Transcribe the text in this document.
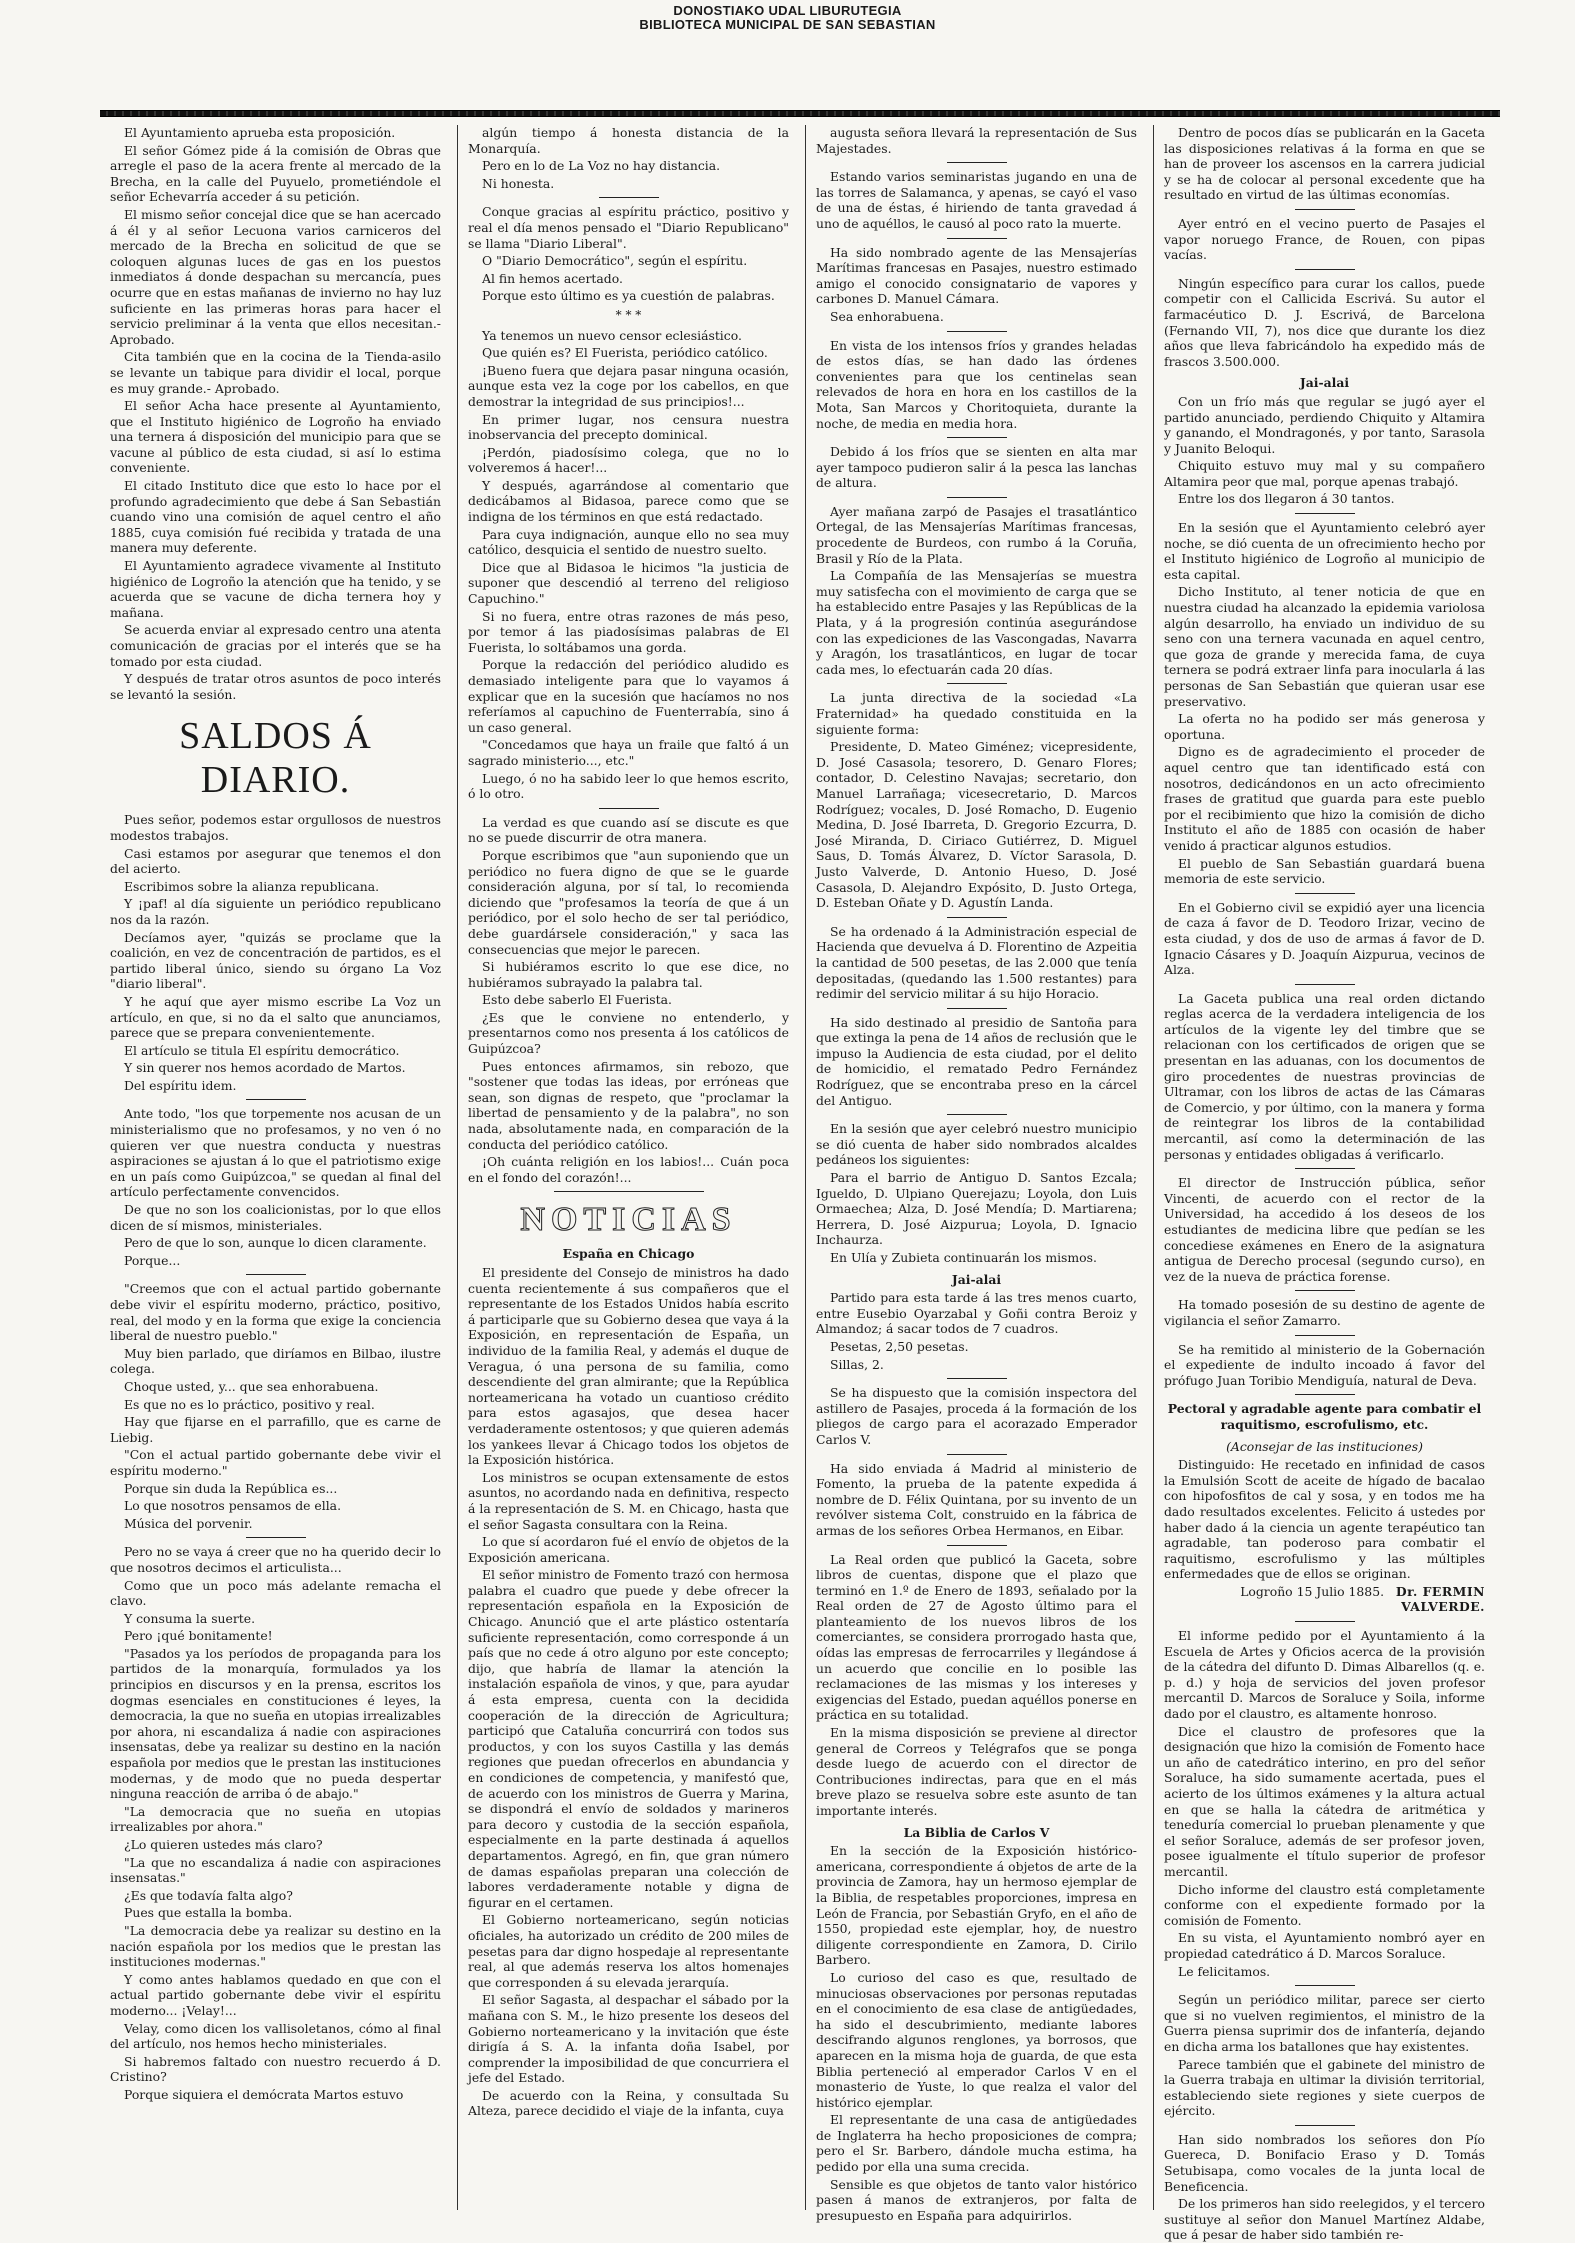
DONOSTIAKO UDAL LIBURUTEGIA
BIBLIOTECA MUNICIPAL DE SAN SEBASTIAN

El Ayuntamiento aprueba esta proposición.

El señor Gómez pide á la comisión de Obras que arregle el paso de la acera frente al mercado de la Brecha, en la calle del Puyuelo, prometiéndole el señor Echevarría acceder á su petición.

El mismo señor concejal dice que se han acercado á él y al señor Lecuona varios carniceros del mercado de la Brecha en solicitud de que se coloquen algunas luces de gas en los puestos inmediatos á donde despachan su mercancía, pues ocurre que en estas mañanas de invierno no hay luz suficiente en las primeras horas para hacer el servicio preliminar á la venta que ellos necesitan.- Aprobado.

Cita también que en la cocina de la Tienda-asilo se levante un tabique para dividir el local, porque es muy grande.- Aprobado.

El señor Acha hace presente al Ayuntamiento, que el Instituto higiénico de Logroño ha enviado una ternera á disposición del municipio para que se vacune al público de esta ciudad, si así lo estima conveniente.

El citado Instituto dice que esto lo hace por el profundo agradecimiento que debe á San Sebastián cuando vino una comisión de aquel centro el año 1885, cuya comisión fué recibida y tratada de una manera muy deferente.

El Ayuntamiento agradece vivamente al Instituto higiénico de Logroño la atención que ha tenido, y se acuerda que se vacune de dicha ternera hoy y mañana.

Se acuerda enviar al expresado centro una atenta comunicación de gracias por el interés que se ha tomado por esta ciudad.

Y después de tratar otros asuntos de poco interés se levantó la sesión.

SALDOS Á DIARIO.

Pues señor, podemos estar orgullosos de nuestros modestos trabajos.

Casi estamos por asegurar que tenemos el don del acierto.

Escribimos sobre la alianza republicana.

Y ¡paf! al día siguiente un periódico republicano nos da la razón.

Decíamos ayer, "quizás se proclame que la coalición, en vez de concentración de partidos, es el partido liberal único, siendo su órgano La Voz "diario liberal".

Y he aquí que ayer mismo escribe La Voz un artículo, en que, si no da el salto que anunciamos, parece que se prepara convenientemente.

El artículo se titula El espíritu democrático.

Y sin querer nos hemos acordado de Martos.

Del espíritu idem.

Ante todo, "los que torpemente nos acusan de un ministerialismo que no profesamos, y no ven ó no quieren ver que nuestra conducta y nuestras aspiraciones se ajustan á lo que el patriotismo exige en un país como Guipúzcoa," se quedan al final del artículo perfectamente convencidos.

De que no son los coalicionistas, por lo que ellos dicen de sí mismos, ministeriales.

Pero de que lo son, aunque lo dicen claramente.

Porque...

"Creemos que con el actual partido gobernante debe vivir el espíritu moderno, práctico, positivo, real, del modo y en la forma que exige la conciencia liberal de nuestro pueblo."

Muy bien parlado, que diríamos en Bilbao, ilustre colega.

Choque usted, y... que sea enhorabuena.

Es que no es lo práctico, positivo y real.

Hay que fijarse en el parrafillo, que es carne de Liebig.

"Con el actual partido gobernante debe vivir el espíritu moderno."

Porque sin duda la República es...

Lo que nosotros pensamos de ella.

Música del porvenir.

Pero no se vaya á creer que no ha querido decir lo que nosotros decimos el articulista...

Como que un poco más adelante remacha el clavo.

Y consuma la suerte.

Pero ¡qué bonitamente!

"Pasados ya los períodos de propaganda para los partidos de la monarquía, formulados ya los principios en discursos y en la prensa, escritos los dogmas esenciales en constituciones é leyes, la democracia, la que no sueña en utopias irrealizables por ahora, ni escandaliza á nadie con aspiraciones insensatas, debe ya realizar su destino en la nación española por medios que le prestan las instituciones modernas, y de modo que no pueda despertar ninguna reacción de arriba ó de abajo."

"La democracia que no sueña en utopias irrealizables por ahora."

¿Lo quieren ustedes más claro?

"La que no escandaliza á nadie con aspiraciones insensatas."

¿Es que todavía falta algo?

Pues que estalla la bomba.

"La democracia debe ya realizar su destino en la nación española por los medios que le prestan las instituciones modernas."

Y como antes hablamos quedado en que con el actual partido gobernante debe vivir el espíritu moderno... ¡Velay!...

Velay, como dicen los vallisoletanos, cómo al final del artículo, nos hemos hecho ministeriales.

Si habremos faltado con nuestro recuerdo á D. Cristino?

Porque siquiera el demócrata Martos estuvo

algún tiempo á honesta distancia de la Monarquía.

Pero en lo de La Voz no hay distancia.

Ni honesta.

Conque gracias al espíritu práctico, positivo y real el día menos pensado el "Diario Republicano" se llama "Diario Liberal".

O "Diario Democrático", según el espíritu.

Al fin hemos acertado.

Porque esto último es ya cuestión de palabras.

* * *

Ya tenemos un nuevo censor eclesiástico.

Que quién es? El Fuerista, periódico católico.

¡Bueno fuera que dejara pasar ninguna ocasión, aunque esta vez la coge por los cabellos, en que demostrar la integridad de sus principios!...

En primer lugar, nos censura nuestra inobservancia del precepto dominical.

¡Perdón, piadosísimo colega, que no lo volveremos á hacer!...

Y después, agarrándose al comentario que dedicábamos al Bidasoa, parece como que se indigna de los términos en que está redactado.

Para cuya indignación, aunque ello no sea muy católico, desquicia el sentido de nuestro suelto.

Dice que al Bidasoa le hicimos "la justicia de suponer que descendió al terreno del religioso Capuchino."

Si no fuera, entre otras razones de más peso, por temor á las piadosísimas palabras de El Fuerista, lo soltábamos una gorda.

Porque la redacción del periódico aludido es demasiado inteligente para que lo vayamos á explicar que en la sucesión que hacíamos no nos referíamos al capuchino de Fuenterrabía, sino á un caso general.

"Concedamos que haya un fraile que faltó á un sagrado ministerio..., etc."

Luego, ó no ha sabido leer lo que hemos escrito, ó lo otro.

La verdad es que cuando así se discute es que no se puede discurrir de otra manera.

Porque escribimos que "aun suponiendo que un periódico no fuera digno de que se le guarde consideración alguna, por sí tal, lo recomienda diciendo que "profesamos la teoría de que á un periódico, por el solo hecho de ser tal periódico, debe guardársele consideración," y saca las consecuencias que mejor le parecen.

Si hubiéramos escrito lo que ese dice, no hubiéramos subrayado la palabra tal.

Esto debe saberlo El Fuerista.

¿Es que le conviene no entenderlo, y presentarnos como nos presenta á los católicos de Guipúzcoa?

Pues entonces afirmamos, sin rebozo, que "sostener que todas las ideas, por erróneas que sean, son dignas de respeto, que "proclamar la libertad de pensamiento y de la palabra", no son nada, absolutamente nada, en comparación de la conducta del periódico católico.

¡Oh cuánta religión en los labios!... Cuán poca en el fondo del corazón!...

NOTICIAS
España en Chicago

El presidente del Consejo de ministros ha dado cuenta recientemente á sus compañeros que el representante de los Estados Unidos había escrito á participarle que su Gobierno desea que vaya á la Exposición, en representación de España, un individuo de la familia Real, y además el duque de Veragua, ó una persona de su familia, como descendiente del gran almirante; que la República norteamericana ha votado un cuantioso crédito para estos agasajos, que desea hacer verdaderamente ostentosos; y que quieren además los yankees llevar á Chicago todos los objetos de la Exposición histórica.

Los ministros se ocupan extensamente de estos asuntos, no acordando nada en definitiva, respecto á la representación de S. M. en Chicago, hasta que el señor Sagasta consultara con la Reina.

Lo que sí acordaron fué el envío de objetos de la Exposición americana.

El señor ministro de Fomento trazó con hermosa palabra el cuadro que puede y debe ofrecer la representación española en la Exposición de Chicago. Anunció que el arte plástico ostentaría suficiente representación, como corresponde á un país que no cede á otro alguno por este concepto; dijo, que habría de llamar la atención la instalación española de vinos, y que, para ayudar á esta empresa, cuenta con la decidida cooperación de la dirección de Agricultura; participó que Cataluña concurrirá con todos sus productos, y con los suyos Castilla y las demás regiones que puedan ofrecerlos en abundancia y en condiciones de competencia, y manifestó que, de acuerdo con los ministros de Guerra y Marina, se dispondrá el envío de soldados y marineros para decoro y custodia de la sección española, especialmente en la parte destinada á aquellos departamentos. Agregó, en fin, que gran número de damas españolas preparan una colección de labores verdaderamente notable y digna de figurar en el certamen.

El Gobierno norteamericano, según noticias oficiales, ha autorizado un crédito de 200 miles de pesetas para dar digno hospedaje al representante real, al que además reserva los altos homenajes que corresponden á su elevada jerarquía.

El señor Sagasta, al despachar el sábado por la mañana con S. M., le hizo presente los deseos del Gobierno norteamericano y la invitación que éste dirigía á S. A. la infanta doña Isabel, por comprender la imposibilidad de que concurriera el jefe del Estado.

De acuerdo con la Reina, y consultada Su Alteza, parece decidido el viaje de la infanta, cuya

augusta señora llevará la representación de Sus Majestades.

Estando varios seminaristas jugando en una de las torres de Salamanca, y apenas, se cayó el vaso de una de éstas, é hiriendo de tanta gravedad á uno de aquéllos, le causó al poco rato la muerte.

Ha sido nombrado agente de las Mensajerías Marítimas francesas en Pasajes, nuestro estimado amigo el conocido consignatario de vapores y carbones D. Manuel Cámara.

Sea enhorabuena.

En vista de los intensos fríos y grandes heladas de estos días, se han dado las órdenes convenientes para que los centinelas sean relevados de hora en hora en los castillos de la Mota, San Marcos y Choritoquieta, durante la noche, de media en media hora.

Debido á los fríos que se sienten en alta mar ayer tampoco pudieron salir á la pesca las lanchas de altura.

Ayer mañana zarpó de Pasajes el trasatlántico Ortegal, de las Mensajerías Marítimas francesas, procedente de Burdeos, con rumbo á la Coruña, Brasil y Río de la Plata.

La Compañía de las Mensajerías se muestra muy satisfecha con el movimiento de carga que se ha establecido entre Pasajes y las Repúblicas de la Plata, y á la progresión continúa asegurándose con las expediciones de las Vascongadas, Navarra y Aragón, los trasatlánticos, en lugar de tocar cada mes, lo efectuarán cada 20 días.

La junta directiva de la sociedad «La Fraternidad» ha quedado constituida en la siguiente forma:

Presidente, D. Mateo Giménez; vicepresidente, D. José Casasola; tesorero, D. Genaro Flores; contador, D. Celestino Navajas; secretario, don Manuel Larrañaga; vicesecretario, D. Marcos Rodríguez; vocales, D. José Romacho, D. Eugenio Medina, D. José Ibarreta, D. Gregorio Ezcurra, D. José Miranda, D. Ciriaco Gutiérrez, D. Miguel Saus, D. Tomás Álvarez, D. Víctor Sarasola, D. Justo Valverde, D. Antonio Hueso, D. José Casasola, D. Alejandro Expósito, D. Justo Ortega, D. Esteban Oñate y D. Agustín Landa.

Se ha ordenado á la Administración especial de Hacienda que devuelva á D. Florentino de Azpeitia la cantidad de 500 pesetas, de las 2.000 que tenía depositadas, (quedando las 1.500 restantes) para redimir del servicio militar á su hijo Horacio.

Ha sido destinado al presidio de Santoña para que extinga la pena de 14 años de reclusión que le impuso la Audiencia de esta ciudad, por el delito de homicidio, el rematado Pedro Fernández Rodríguez, que se encontraba preso en la cárcel del Antiguo.

En la sesión que ayer celebró nuestro municipio se dió cuenta de haber sido nombrados alcaldes pedáneos los siguientes:

Para el barrio de Antiguo D. Santos Ezcala; Igueldo, D. Ulpiano Querejazu; Loyola, don Luis Ormaechea; Alza, D. José Mendía; D. Martiarena; Herrera, D. José Aizpurua; Loyola, D. Ignacio Inchaurza.

En Ulía y Zubieta continuarán los mismos.

Jai-alai

Partido para esta tarde á las tres menos cuarto, entre Eusebio Oyarzabal y Goñi contra Beroiz y Almandoz; á sacar todos de 7 cuadros.

Pesetas, 2,50 pesetas.

Sillas, 2.

Se ha dispuesto que la comisión inspectora del astillero de Pasajes, proceda á la formación de los pliegos de cargo para el acorazado Emperador Carlos V.

Ha sido enviada á Madrid al ministerio de Fomento, la prueba de la patente expedida á nombre de D. Félix Quintana, por su invento de un revólver sistema Colt, construido en la fábrica de armas de los señores Orbea Hermanos, en Eibar.

La Real orden que publicó la Gaceta, sobre libros de cuentas, dispone que el plazo que terminó en 1.º de Enero de 1893, señalado por la Real orden de 27 de Agosto último para el planteamiento de los nuevos libros de los comerciantes, se considera prorrogado hasta que, oídas las empresas de ferrocarriles y llegándose á un acuerdo que concilie en lo posible las reclamaciones de las mismas y los intereses y exigencias del Estado, puedan aquéllos ponerse en práctica en su totalidad.

En la misma disposición se previene al director general de Correos y Telégrafos que se ponga desde luego de acuerdo con el director de Contribuciones indirectas, para que en el más breve plazo se resuelva sobre este asunto de tan importante interés.

La Biblia de Carlos V

En la sección de la Exposición histórico-americana, correspondiente á objetos de arte de la provincia de Zamora, hay un hermoso ejemplar de la Biblia, de respetables proporciones, impresa en León de Francia, por Sebastián Gryfo, en el año de 1550, propiedad este ejemplar, hoy, de nuestro diligente correspondiente en Zamora, D. Cirilo Barbero.

Lo curioso del caso es que, resultado de minuciosas observaciones por personas reputadas en el conocimiento de esa clase de antigüedades, ha sido el descubrimiento, mediante labores descifrando algunos renglones, ya borrosos, que aparecen en la misma hoja de guarda, de que esta Biblia perteneció al emperador Carlos V en el monasterio de Yuste, lo que realza el valor del histórico ejemplar.

El representante de una casa de antigüedades de Inglaterra ha hecho proposiciones de compra; pero el Sr. Barbero, dándole mucha estima, ha pedido por ella una suma crecida.

Sensible es que objetos de tanto valor histórico pasen á manos de extranjeros, por falta de presupuesto en España para adquirirlos.

Dentro de pocos días se publicarán en la Gaceta las disposiciones relativas á la forma en que se han de proveer los ascensos en la carrera judicial y se ha de colocar al personal excedente que ha resultado en virtud de las últimas economías.

Ayer entró en el vecino puerto de Pasajes el vapor noruego France, de Rouen, con pipas vacías.

Ningún específico para curar los callos, puede competir con el Callicida Escrivá. Su autor el farmacéutico D. J. Escrivá, de Barcelona (Fernando VII, 7), nos dice que durante los diez años que lleva fabricándolo ha expedido más de frascos 3.500.000.

Jai-alai

Con un frío más que regular se jugó ayer el partido anunciado, perdiendo Chiquito y Altamira y ganando, el Mondragonés, y por tanto, Sarasola y Juanito Beloqui.

Chiquito estuvo muy mal y su compañero Altamira peor que mal, porque apenas trabajó.

Entre los dos llegaron á 30 tantos.

En la sesión que el Ayuntamiento celebró ayer noche, se dió cuenta de un ofrecimiento hecho por el Instituto higiénico de Logroño al municipio de esta capital.

Dicho Instituto, al tener noticia de que en nuestra ciudad ha alcanzado la epidemia variolosa algún desarrollo, ha enviado un individuo de su seno con una ternera vacunada en aquel centro, que goza de grande y merecida fama, de cuya ternera se podrá extraer linfa para inocularla á las personas de San Sebastián que quieran usar ese preservativo.

La oferta no ha podido ser más generosa y oportuna.

Digno es de agradecimiento el proceder de aquel centro que tan identificado está con nosotros, dedicándonos en un acto ofrecimiento frases de gratitud que guarda para este pueblo por el recibimiento que hizo la comisión de dicho Instituto el año de 1885 con ocasión de haber venido á practicar algunos estudios.

El pueblo de San Sebastián guardará buena memoria de este servicio.

En el Gobierno civil se expidió ayer una licencia de caza á favor de D. Teodoro Irizar, vecino de esta ciudad, y dos de uso de armas á favor de D. Ignacio Cásares y D. Joaquín Aizpurua, vecinos de Alza.

La Gaceta publica una real orden dictando reglas acerca de la verdadera inteligencia de los artículos de la vigente ley del timbre que se relacionan con los certificados de origen que se presentan en las aduanas, con los documentos de giro procedentes de nuestras provincias de Ultramar, con los libros de actas de las Cámaras de Comercio, y por último, con la manera y forma de reintegrar los libros de la contabilidad mercantil, así como la determinación de las personas y entidades obligadas á verificarlo.

El director de Instrucción pública, señor Vincenti, de acuerdo con el rector de la Universidad, ha accedido á los deseos de los estudiantes de medicina libre que pedían se les concediese exámenes en Enero de la asignatura antigua de Derecho procesal (segundo curso), en vez de la nueva de práctica forense.

Ha tomado posesión de su destino de agente de vigilancia el señor Zamarro.

Se ha remitido al ministerio de la Gobernación el expediente de indulto incoado á favor del prófugo Juan Toribio Mendiguía, natural de Deva.

Pectoral y agradable agente para combatir el raquitismo, escrofulismo, etc.
(Aconsejar de las instituciones)

Distinguido: He recetado en infinidad de casos la Emulsión Scott de aceite de hígado de bacalao con hipofosfitos de cal y sosa, y en todos me ha dado resultados excelentes. Felicito á ustedes por haber dado á la ciencia un agente terapéutico tan agradable, tan poderoso para combatir el raquitismo, escrofulismo y las múltiples enfermedades que de ellos se originan.

Logroño 15 Julio 1885. Dr. FERMIN VALVERDE.

El informe pedido por el Ayuntamiento á la Escuela de Artes y Oficios acerca de la provisión de la cátedra del difunto D. Dimas Albarellos (q. e. p. d.) y hoja de servicios del joven profesor mercantil D. Marcos de Soraluce y Soila, informe dado por el claustro, es altamente honroso.

Dice el claustro de profesores que la designación que hizo la comisión de Fomento hace un año de catedrático interino, en pro del señor Soraluce, ha sido sumamente acertada, pues el acierto de los últimos exámenes y la altura actual en que se halla la cátedra de aritmética y teneduría comercial lo prueban plenamente y que el señor Soraluce, además de ser profesor joven, posee igualmente el título superior de profesor mercantil.

Dicho informe del claustro está completamente conforme con el expediente formado por la comisión de Fomento.

En su vista, el Ayuntamiento nombró ayer en propiedad catedrático á D. Marcos Soraluce.

Le felicitamos.

Según un periódico militar, parece ser cierto que si no vuelven regimientos, el ministro de la Guerra piensa suprimir dos de infantería, dejando en dicha arma los batallones que hay existentes.

Parece también que el gabinete del ministro de la Guerra trabaja en ultimar la división territorial, estableciendo siete regiones y siete cuerpos de ejército.

Han sido nombrados los señores don Pío Guereca, D. Bonifacio Eraso y D. Tomás Setubisapa, como vocales de la junta local de Beneficencia.

De los primeros han sido reelegidos, y el tercero sustituye al señor don Manuel Martínez Aldabe, que á pesar de haber sido también re-
